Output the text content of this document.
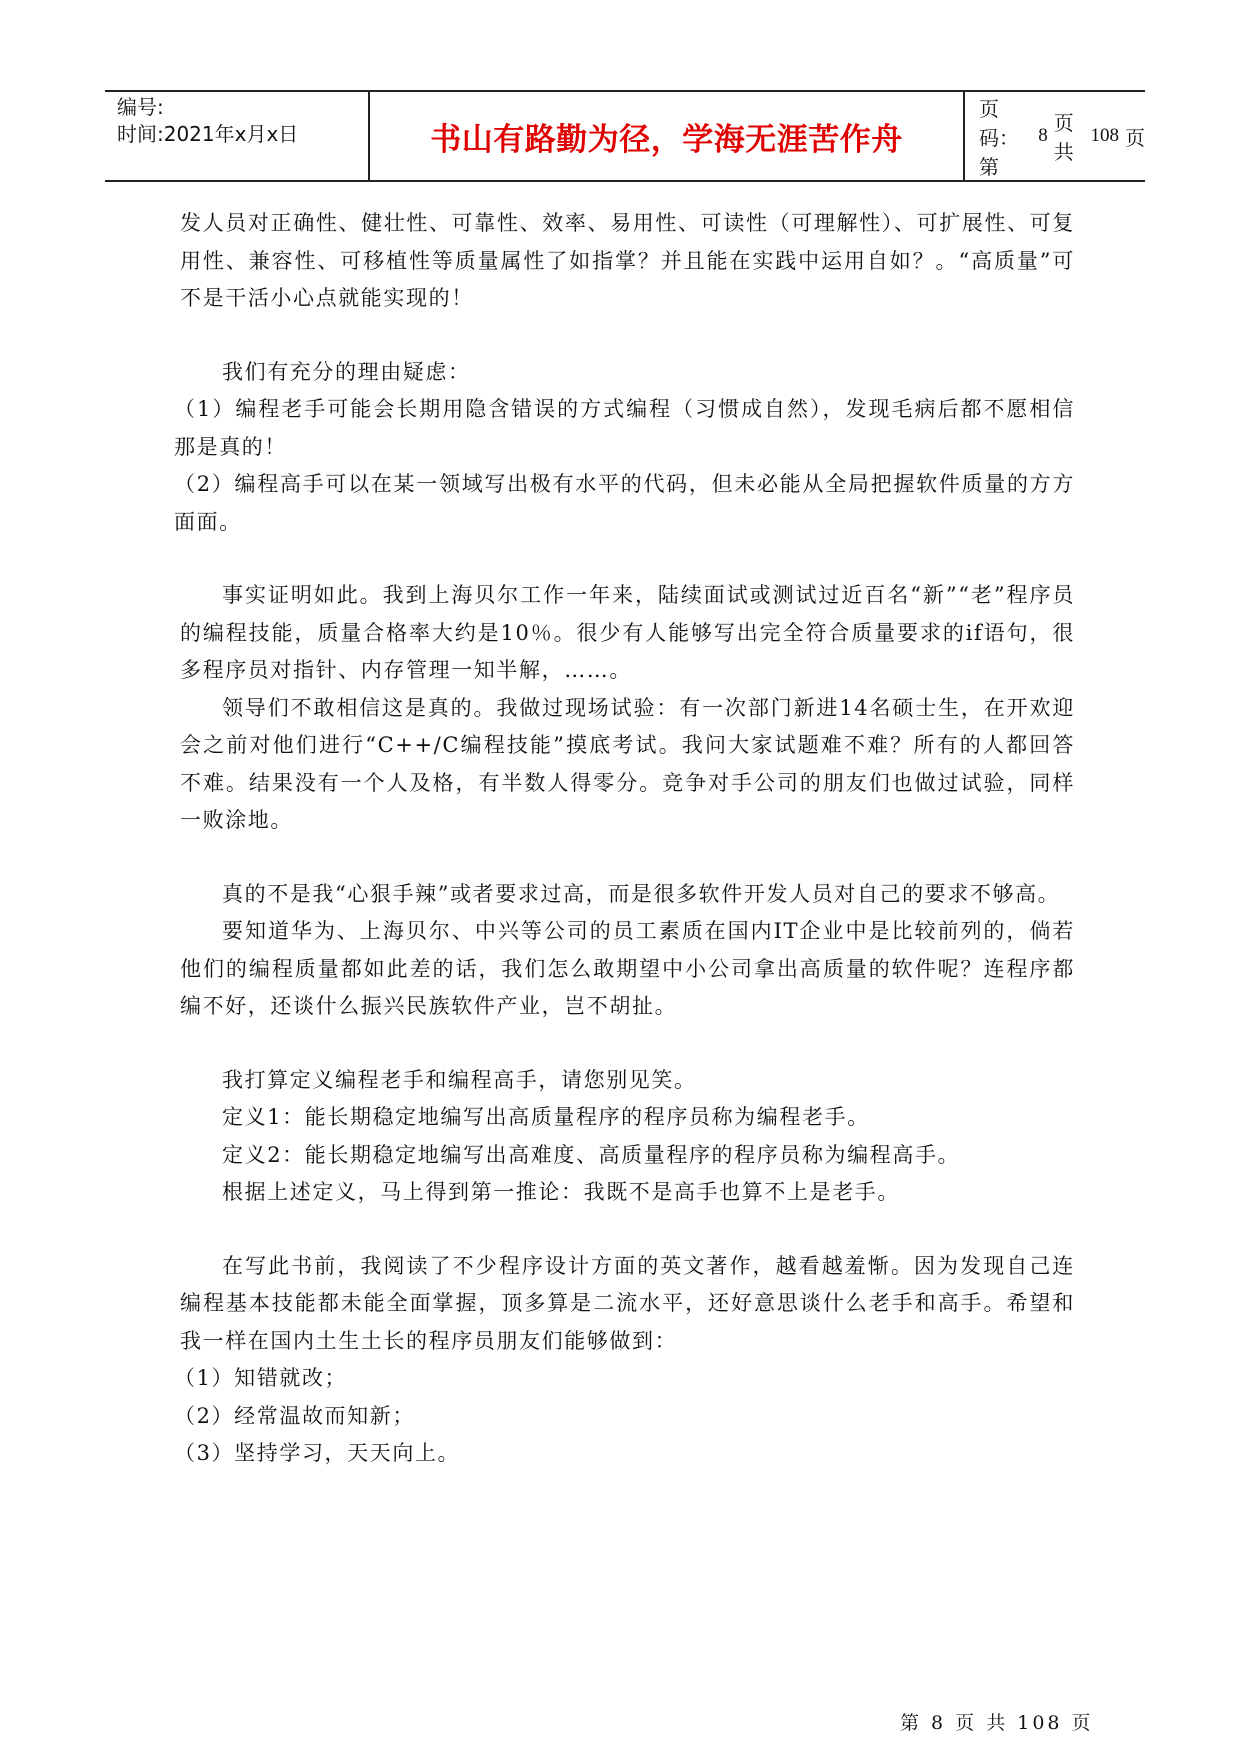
编号:
时间:2021年x月x日	书山有路勤为径，学海无涯苦作舟
页码：第
8
页 共
108 页

发人员对正确性、健壮性、可靠性、效率、易用性、可读性（可理解性）、可扩展性、可复用性、兼容性、可移植性等质量属性了如指掌？并且能在实践中运用自如？。“高质量”可不是干活小心点就能实现的！

我们有充分的理由疑虑：

（1）编程老手可能会长期用隐含错误的方式编程（习惯成自然），发现毛病后都不愿相信那是真的！

（2）编程高手可以在某一领域写出极有水平的代码，但未必能从全局把握软件质量的方方面面。

事实证明如此。我到上海贝尔工作一年来，陆续面试或测试过近百名“新”“老”程序员的编程技能，质量合格率大约是10％。很少有人能够写出完全符合质量要求的if语句，很多程序员对指针、内存管理一知半解，……。

领导们不敢相信这是真的。我做过现场试验：有一次部门新进14名硕士生，在开欢迎会之前对他们进行“C++/C编程技能”摸底考试。我问大家试题难不难？所有的人都回答不难。结果没有一个人及格，有半数人得零分。竞争对手公司的朋友们也做过试验，同样一败涂地。

真的不是我“心狠手辣”或者要求过高，而是很多软件开发人员对自己的要求不够高。

要知道华为、上海贝尔、中兴等公司的员工素质在国内IT企业中是比较前列的，倘若他们的编程质量都如此差的话，我们怎么敢期望中小公司拿出高质量的软件呢？连程序都编不好，还谈什么振兴民族软件产业，岂不胡扯。

我打算定义编程老手和编程高手，请您别见笑。

定义1：能长期稳定地编写出高质量程序的程序员称为编程老手。

定义2：能长期稳定地编写出高难度、高质量程序的程序员称为编程高手。

根据上述定义，马上得到第一推论：我既不是高手也算不上是老手。

在写此书前，我阅读了不少程序设计方面的英文著作，越看越羞惭。因为发现自己连编程基本技能都未能全面掌握，顶多算是二流水平，还好意思谈什么老手和高手。希望和我一样在国内土生土长的程序员朋友们能够做到：

（1）知错就改；

（2）经常温故而知新；

（3）坚持学习，天天向上。

第 8 页 共 108 页
